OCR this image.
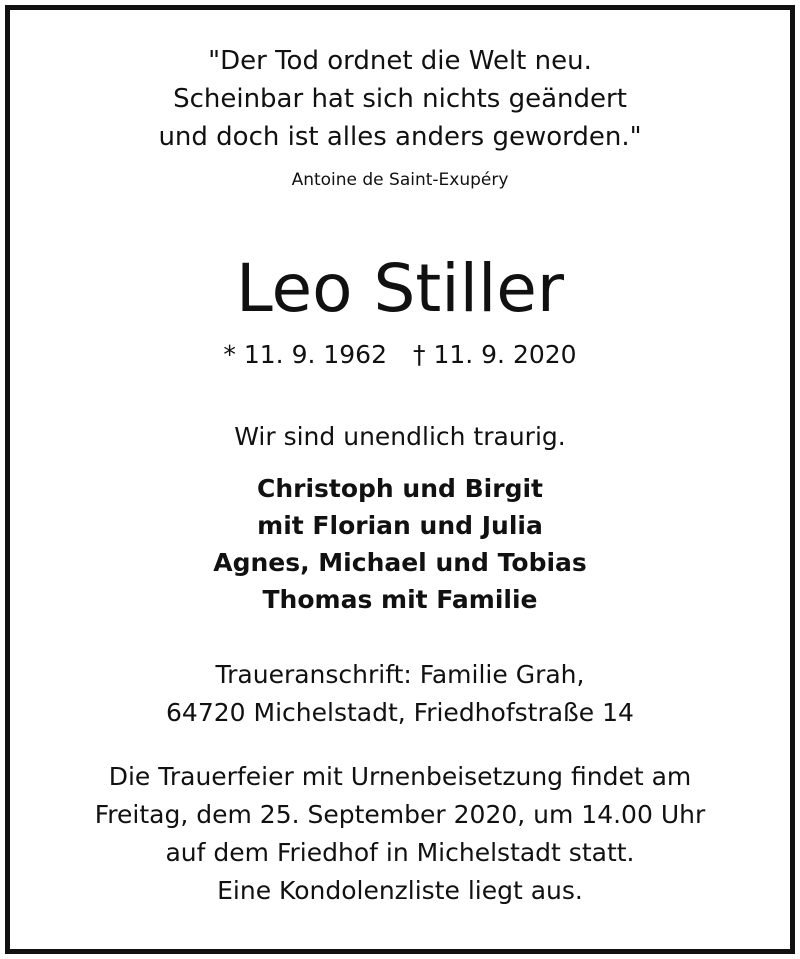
"Der Tod ordnet die Welt neu.
Scheinbar hat sich nichts geändert
und doch ist alles anders geworden."
Antoine de Saint-Exupéry
Leo Stiller
* 11. 9. 1962 † 11. 9. 2020
Wir sind unendlich traurig.
Christoph und Birgit
mit Florian und Julia
Agnes, Michael und Tobias
Thomas mit Familie
Traueranschrift: Familie Grah,
64720 Michelstadt, Friedhofstraße 14
Die Trauerfeier mit Urnenbeisetzung findet am
Freitag, dem 25. September 2020, um 14.00 Uhr
auf dem Friedhof in Michelstadt statt.
Eine Kondolenzliste liegt aus.
